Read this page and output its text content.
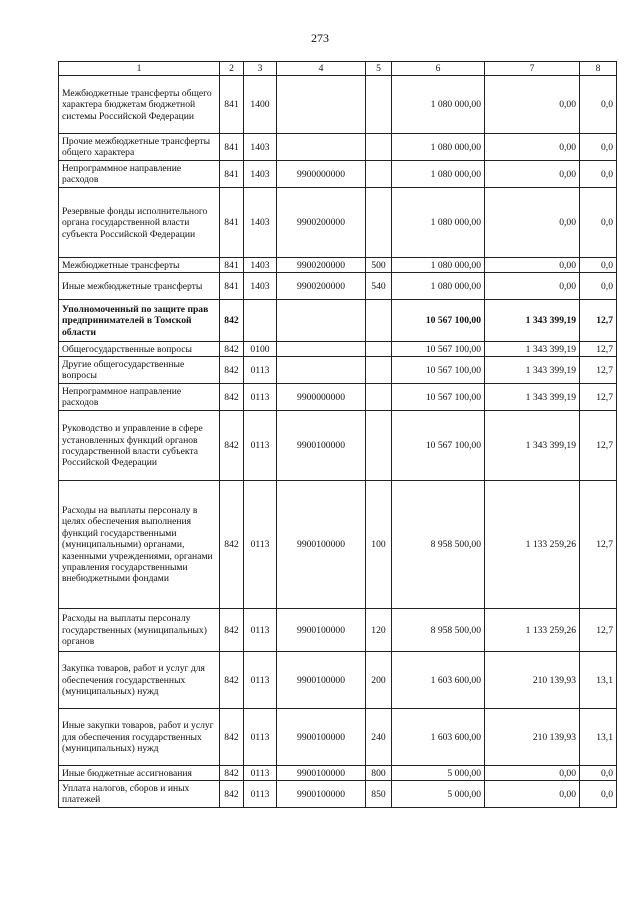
273
1	2	3	4	5	6	7	8
Межбюджетные трансферты общего характера бюджетам бюджетной системы Российской Федерации	841	1400			1 080 000,00	0,00	0,0
Прочие межбюджетные трансферты общего характера	841	1403			1 080 000,00	0,00	0,0
Непрограммное направление расходов	841	1403	9900000000		1 080 000,00	0,00	0,0
Резервные фонды исполнительного органа государственной власти субъекта Российской Федерации	841	1403	9900200000		1 080 000,00	0,00	0,0
Межбюджетные трансферты	841	1403	9900200000	500	1 080 000,00	0,00	0,0
Иные межбюджетные трансферты	841	1403	9900200000	540	1 080 000,00	0,00	0,0
Уполномоченный по защите прав предпринимателей в Томской области	842				10 567 100,00	1 343 399,19	12,7
Общегосударственные вопросы	842	0100			10 567 100,00	1 343 399,19	12,7
Другие общегосударственные вопросы	842	0113			10 567 100,00	1 343 399,19	12,7
Непрограммное направление расходов	842	0113	9900000000		10 567 100,00	1 343 399,19	12,7
Руководство и управление в сфере установленных функций органов государственной власти субъекта Российской Федерации	842	0113	9900100000		10 567 100,00	1 343 399,19	12,7
Расходы на выплаты персоналу в целях обеспечения выполнения функций государственными (муниципальными) органами, казенными учреждениями, органами управления государственными внебюджетными фондами	842	0113	9900100000	100	8 958 500,00	1 133 259,26	12,7
Расходы на выплаты персоналу государственных (муниципальных) органов	842	0113	9900100000	120	8 958 500,00	1 133 259,26	12,7
Закупка товаров, работ и услуг для обеспечения государственных (муниципальных) нужд	842	0113	9900100000	200	1 603 600,00	210 139,93	13,1
Иные закупки товаров, работ и услуг для обеспечения государственных (муниципальных) нужд	842	0113	9900100000	240	1 603 600,00	210 139,93	13,1
Иные бюджетные ассигнования	842	0113	9900100000	800	5 000,00	0,00	0,0
Уплата налогов, сборов и иных платежей	842	0113	9900100000	850	5 000,00	0,00	0,0
